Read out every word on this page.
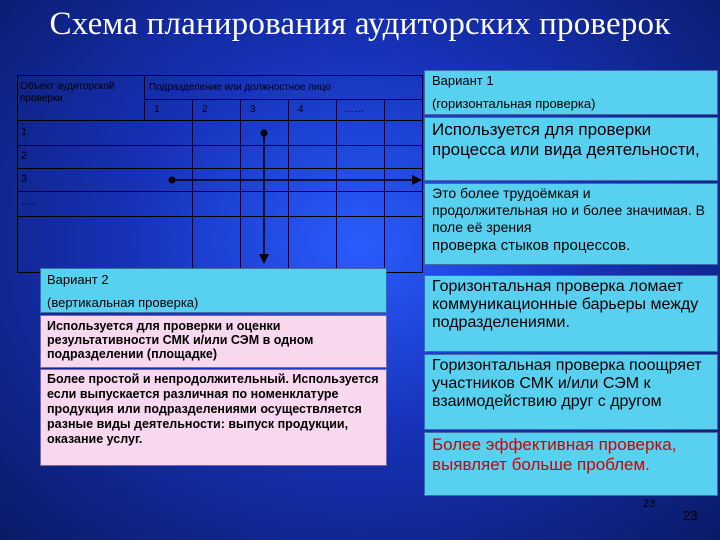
Схема планирования аудиторских проверок
Объект аудиторской проверки
Подразделение или должностное лицо
1	2	3	4	……
1
2
3
….
Вариант 2
(вертикальная проверка)
Используется для проверки и оценки результативности СМК и/или СЭМ в одном подразделении (площадке)
Более простой и непродолжительный. Используется если выпускается различная по номенклатуре продукция или подразделениями осуществляется разные виды деятельности: выпуск продукции, оказание услуг.
Вариант 1
(горизонтальная проверка)
Используется для проверки процесса или вида деятельности,
Это более трудоёмкая и продолжительная но и более значимая. В поле её зрения
проверка стыков процессов.
Горизонтальная проверка ломает коммуникационные барьеры между подразделениями.
Горизонтальная проверка поощряет участников СМК и/или СЭМ к взаимодействию друг с другом
Более эффективная проверка, выявляет больше проблем.
23
23
